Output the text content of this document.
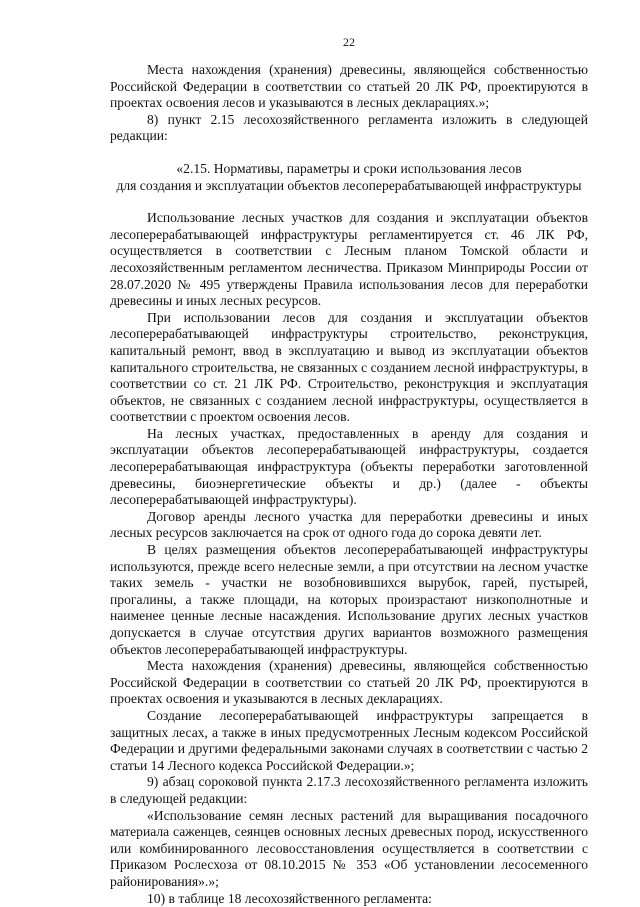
22

Места нахождения (хранения) древесины, являющейся собственностью Российской Федерации в соответствии со статьей 20 ЛК РФ, проектируются в проектах освоения лесов и указываются в лесных декларациях.»;

8) пункт 2.15 лесохозяйственного регламента изложить в следующей редакции:

«2.15. Нормативы, параметры и сроки использования лесов
для создания и эксплуатации объектов лесоперерабатывающей инфраструктуры

Использование лесных участков для создания и эксплуатации объектов лесоперерабатывающей инфраструктуры регламентируется ст. 46 ЛК РФ, осуществляется в соответствии с Лесным планом Томской области и лесохозяйственным регламентом лесничества. Приказом Минприроды России от 28.07.2020 № 495 утверждены Правила использования лесов для переработки древесины и иных лесных ресурсов.

При использовании лесов для создания и эксплуатации объектов лесоперерабатывающей инфраструктуры строительство, реконструкция, капитальный ремонт, ввод в эксплуатацию и вывод из эксплуатации объектов капитального строительства, не связанных с созданием лесной инфраструктуры, в соответствии со ст. 21 ЛК РФ. Строительство, реконструкция и эксплуатация объектов, не связанных с созданием лесной инфраструктуры, осуществляется в соответствии с проектом освоения лесов.

На лесных участках, предоставленных в аренду для создания и эксплуатации объектов лесоперерабатывающей инфраструктуры, создается лесоперерабатывающая инфраструктура (объекты переработки заготовленной древесины, биоэнергетические объекты и др.) (далее - объекты лесоперерабатывающей инфраструктуры).

Договор аренды лесного участка для переработки древесины и иных лесных ресурсов заключается на срок от одного года до сорока девяти лет.

В целях размещения объектов лесоперерабатывающей инфраструктуры используются, прежде всего нелесные земли, а при отсутствии на лесном участке таких земель - участки не возобновившихся вырубок, гарей, пустырей, прогалины, а также площади, на которых произрастают низкополнотные и наименее ценные лесные насаждения. Использование других лесных участков допускается в случае отсутствия других вариантов возможного размещения объектов лесоперерабатывающей инфраструктуры.

Места нахождения (хранения) древесины, являющейся собственностью Российской Федерации в соответствии со статьей 20 ЛК РФ, проектируются в проектах освоения и указываются в лесных декларациях.

Создание лесоперерабатывающей инфраструктуры запрещается в защитных лесах, а также в иных предусмотренных Лесным кодексом Российской Федерации и другими федеральными законами случаях в соответствии с частью 2 статьи 14 Лесного кодекса Российской Федерации.»;

9) абзац сороковой пункта 2.17.3 лесохозяйственного регламента изложить в следующей редакции:

«Использование семян лесных растений для выращивания посадочного материала саженцев, сеянцев основных лесных древесных пород, искусственного или комбинированного лесовосстановления осуществляется в соответствии с Приказом Рослесхоза от 08.10.2015 № 353 «Об установлении лесосеменного районирования».»;

10) в таблице 18 лесохозяйственного регламента:
